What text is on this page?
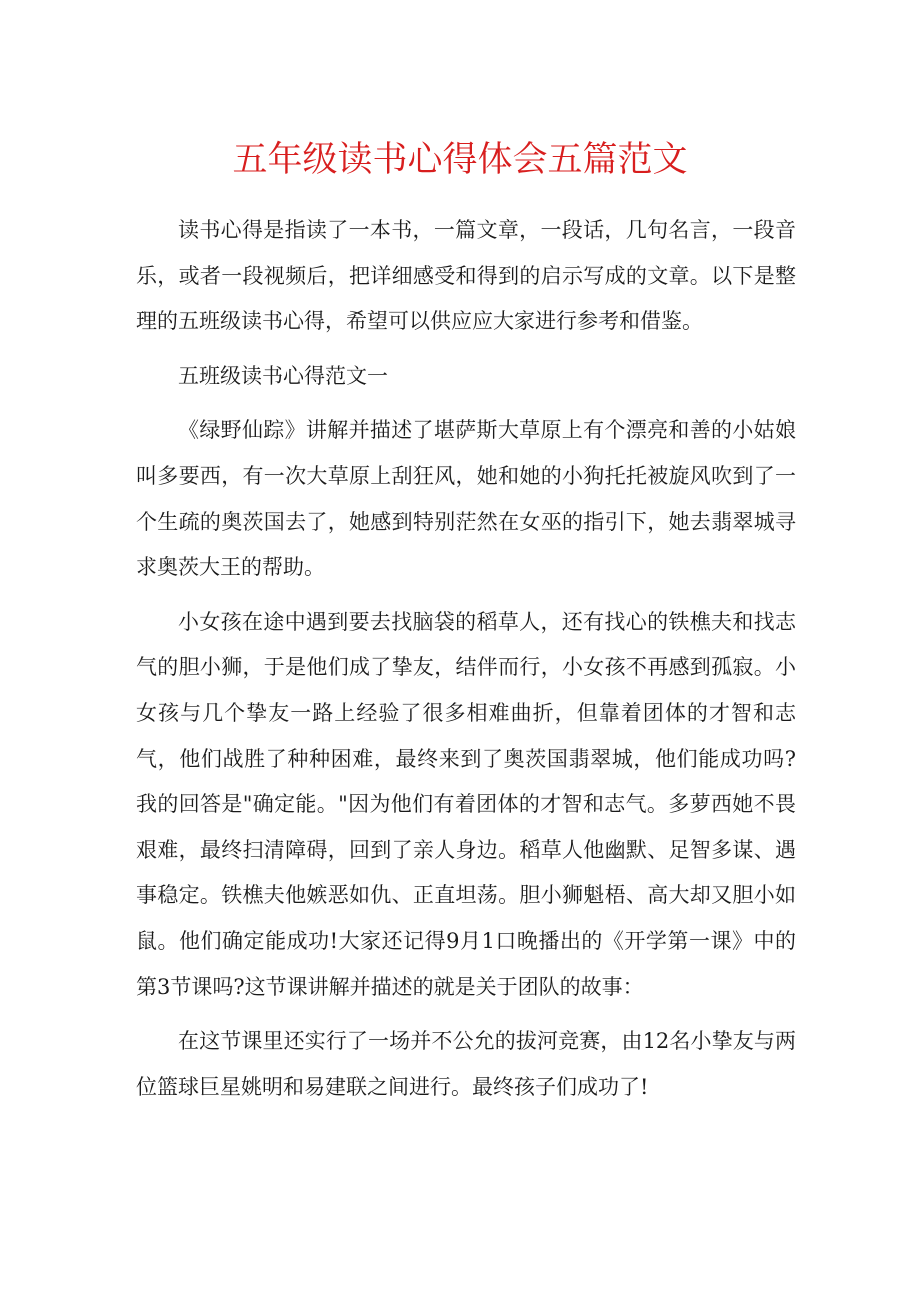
五年级读书心得体会五篇范文

读书心得是指读了一本书，一篇文章，一段话，几句名言，一段音乐，或者一段视频后，把详细感受和得到的启示写成的文章。以下是整理的五班级读书心得，希望可以供应应大家进行参考和借鉴。

五班级读书心得范文一

《绿野仙踪》讲解并描述了堪萨斯大草原上有个漂亮和善的小姑娘叫多要西，有一次大草原上刮狂风，她和她的小狗托托被旋风吹到了一个生疏的奥茨国去了，她感到特别茫然在女巫的指引下，她去翡翠城寻求奥茨大王的帮助。

小女孩在途中遇到要去找脑袋的稻草人，还有找心的铁樵夫和找志气的胆小狮，于是他们成了挚友，结伴而行，小女孩不再感到孤寂。小女孩与几个挚友一路上经验了很多相难曲折，但靠着团体的才智和志气，他们战胜了种种困难，最终来到了奥茨国翡翠城，他们能成功吗?我的回答是"确定能。"因为他们有着团体的才智和志气。多萝西她不畏艰难，最终扫清障碍，回到了亲人身边。稻草人他幽默、足智多谋、遇事稳定。铁樵夫他嫉恶如仇、正直坦荡。胆小狮魁梧、高大却又胆小如鼠。他们确定能成功!大家还记得9月1口晚播出的《开学第一课》中的第3节课吗?这节课讲解并描述的就是关于团队的故事：

在这节课里还实行了一场并不公允的拔河竞赛，由12名小挚友与两位篮球巨星姚明和易建联之间进行。最终孩子们成功了!
